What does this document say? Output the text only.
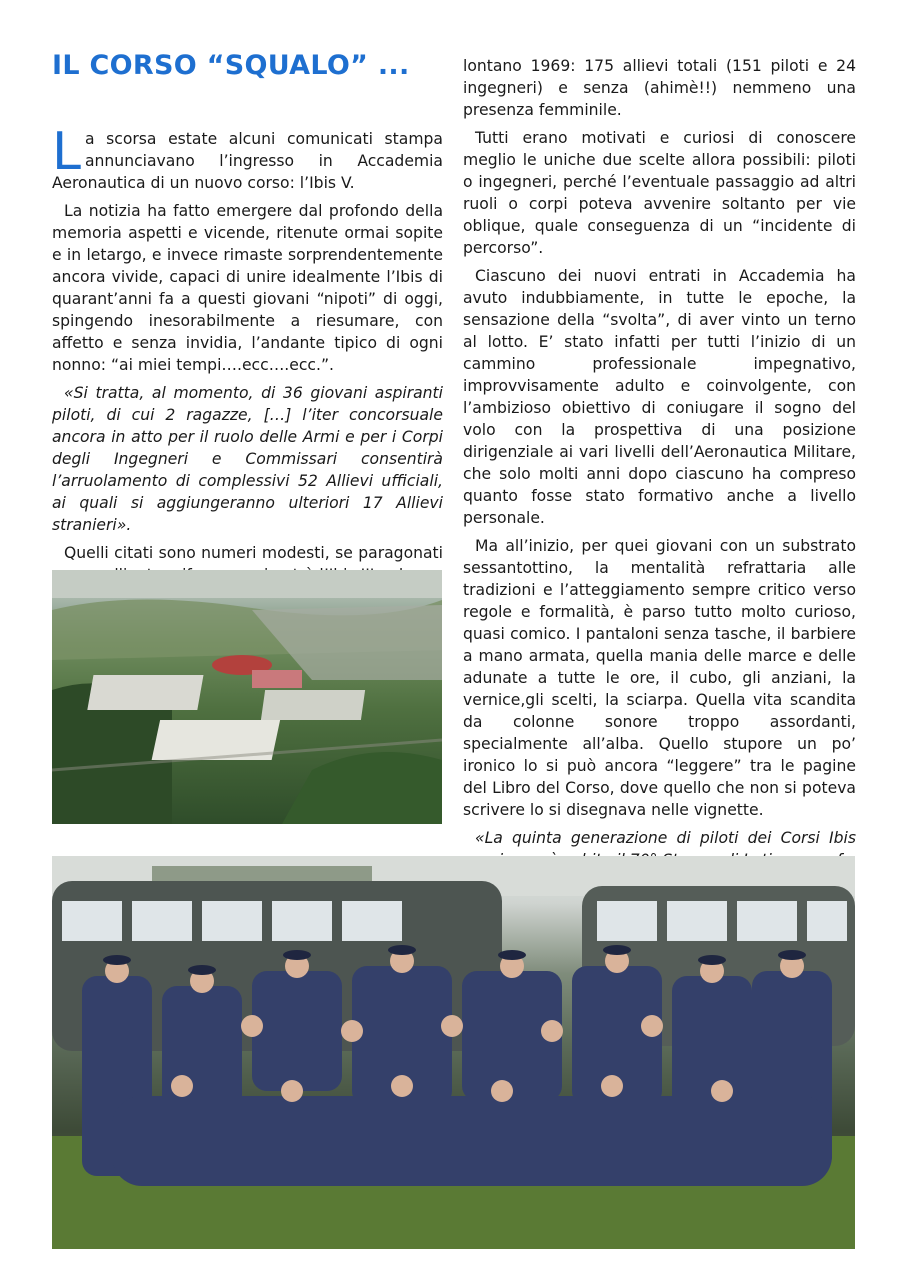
IL CORSO “SQUALO” ...

La scorsa estate alcuni comunicati stampa annunciavano l’ingresso in Accademia Aeronautica di un nuovo corso: l’Ibis V.

La notizia ha fatto emergere dal profondo della memoria aspetti e vicende, ritenute ormai sopite e in letargo, e invece rimaste sorprendentemente ancora vivide, capaci di unire idealmente l’Ibis di quarant’anni fa a questi giovani “nipoti” di oggi, spingendo inesorabilmente a riesumare, con affetto e senza invidia, l’andante tipico di ogni nonno: “ai miei tempi….ecc….ecc.”.

«Si tratta, al momento, di 36 giovani aspiranti piloti, di cui 2 ragazze, […] l’iter concorsuale ancora in atto per il ruolo delle Armi e per i Corpi degli Ingegneri e Commissari consentirà l’arruolamento di complessivi 52 Allievi ufficiali, ai quali si aggiungeranno ulteriori 17 Allievi stranieri».

Quelli citati sono numeri modesti, se paragonati

lontano 1969: 175 allievi totali (151 piloti e 24 ingegneri) e senza (ahimè!!) nemmeno una presenza femminile.

Tutti erano motivati e curiosi di conoscere meglio le uniche due scelte allora possibili: piloti o ingegneri, perché l’eventuale passaggio ad altri ruoli o corpi poteva avvenire soltanto per vie oblique, quale conseguenza di un “incidente di percorso”.

Ciascuno dei nuovi entrati in Accademia ha avuto indubbiamente, in tutte le epoche, la sensazione della “svolta”, di aver vinto un terno al lotto. E’ stato infatti per tutti l’inizio di un cammino professionale impegnativo, improvvisamente adulto e coinvolgente, con l’ambizioso obiettivo di coniugare il sogno del volo con la prospettiva di una posizione dirigenziale ai vari livelli dell’Aeronautica Militare, che solo molti anni dopo ciascuno ha compreso quanto fosse stato formativo anche a livello personale.

Ma all’inizio, per quei giovani con un substrato sessantottino, la mentalità refrattaria alle tradizioni e l’atteggiamento sempre critico verso regole e formalità, è parso tutto molto curioso, quasi comico. I pantaloni senza tasche, il barbiere a mano armata, quella mania delle marce e delle adunate a tutte le ore, il cubo, gli anziani, la vernice,gli scelti, la sciarpa. Quella vita scandita da colonne sonore troppo assordanti, specialmente all’alba. Quello stupore un po’ ironico lo si può ancora “leggere” tra le pagine del Libro del Corso, dove quello che non si poteva scrivere lo si disegnava nelle vignette.

«La quinta generazione di piloti dei Corsi Ibis
